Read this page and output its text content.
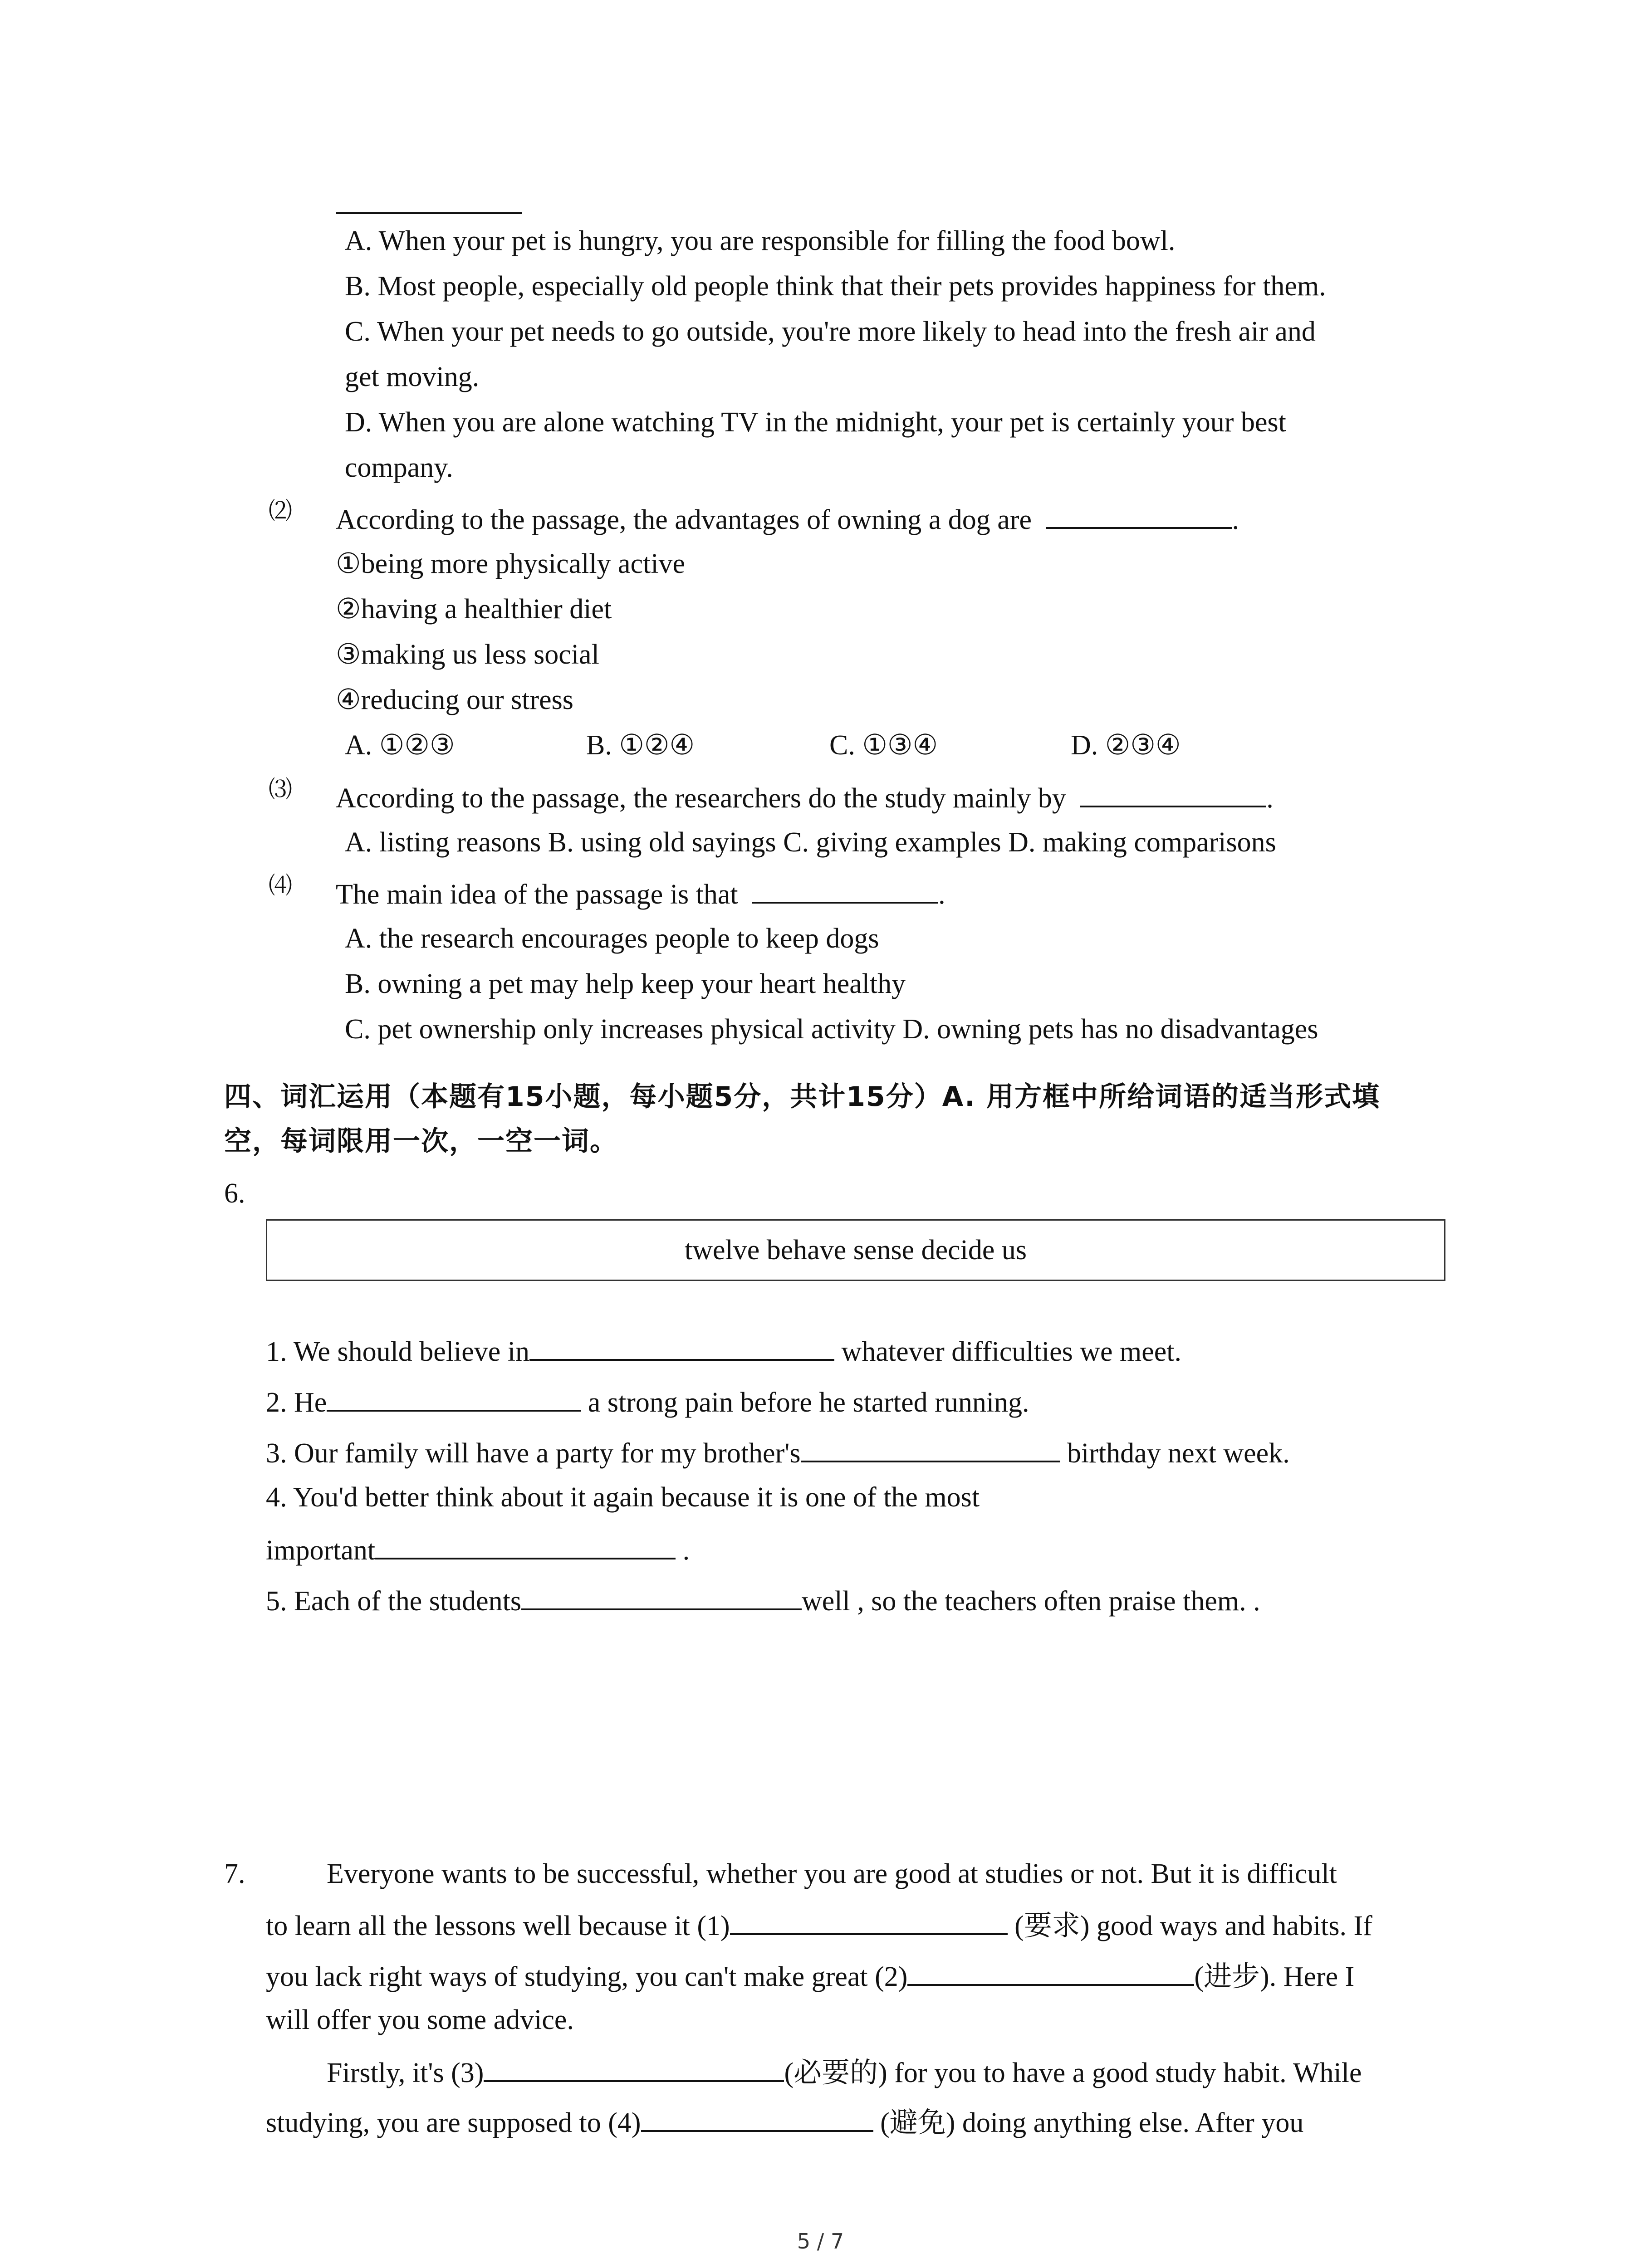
A. When your pet is hungry, you are responsible for filling the food bowl.
B. Most people, especially old people think that their pets provides happiness for them.
C. When your pet needs to go outside, you're more likely to head into the fresh air and
get moving.
D. When you are alone watching TV in the midnight, your pet is certainly your best
company.
⑵ According to the passage, the advantages of owning a dog are	.
①being more physically active
②having a healthier diet
③making us less social
④reducing our stress
A. ①②③	B. ①②④	C. ①③④	D. ②③④
⑶ According to the passage, the researchers do the study mainly by	.
A. listing reasons B. using old sayings C. giving examples D. making comparisons
⑷ The main idea of the passage is that	.
A. the research encourages people to keep dogs
B. owning a pet may help keep your heart healthy
C. pet ownership only increases physical activity D. owning pets has no disadvantages
四、词汇运用（本题有15小题，每小题5分，共计15分）A. 用方框中所给词语的适当形式填
空，每词限用一次，一空一词。
6.
twelve behave sense decide us
1. We should believe in	whatever difficulties we meet.
2. He	a strong pain before he started running.
3. Our family will have a party for my brother's	birthday next week.
4. You'd better think about it again because it is one of the most
important	.
5. Each of the students	well , so the teachers often praise them. .
7.	Everyone wants to be successful, whether you are good at studies or not. But it is difficult
to learn all the lessons well because it (1)	(要求) good ways and habits. If
you lack right ways of studying, you can't make great (2)	(进步). Here I
will offer you some advice.
Firstly, it's (3)	(必要的) for you to have a good study habit. While
studying, you are supposed to (4)	(避免) doing anything else. After you
5 / 7
